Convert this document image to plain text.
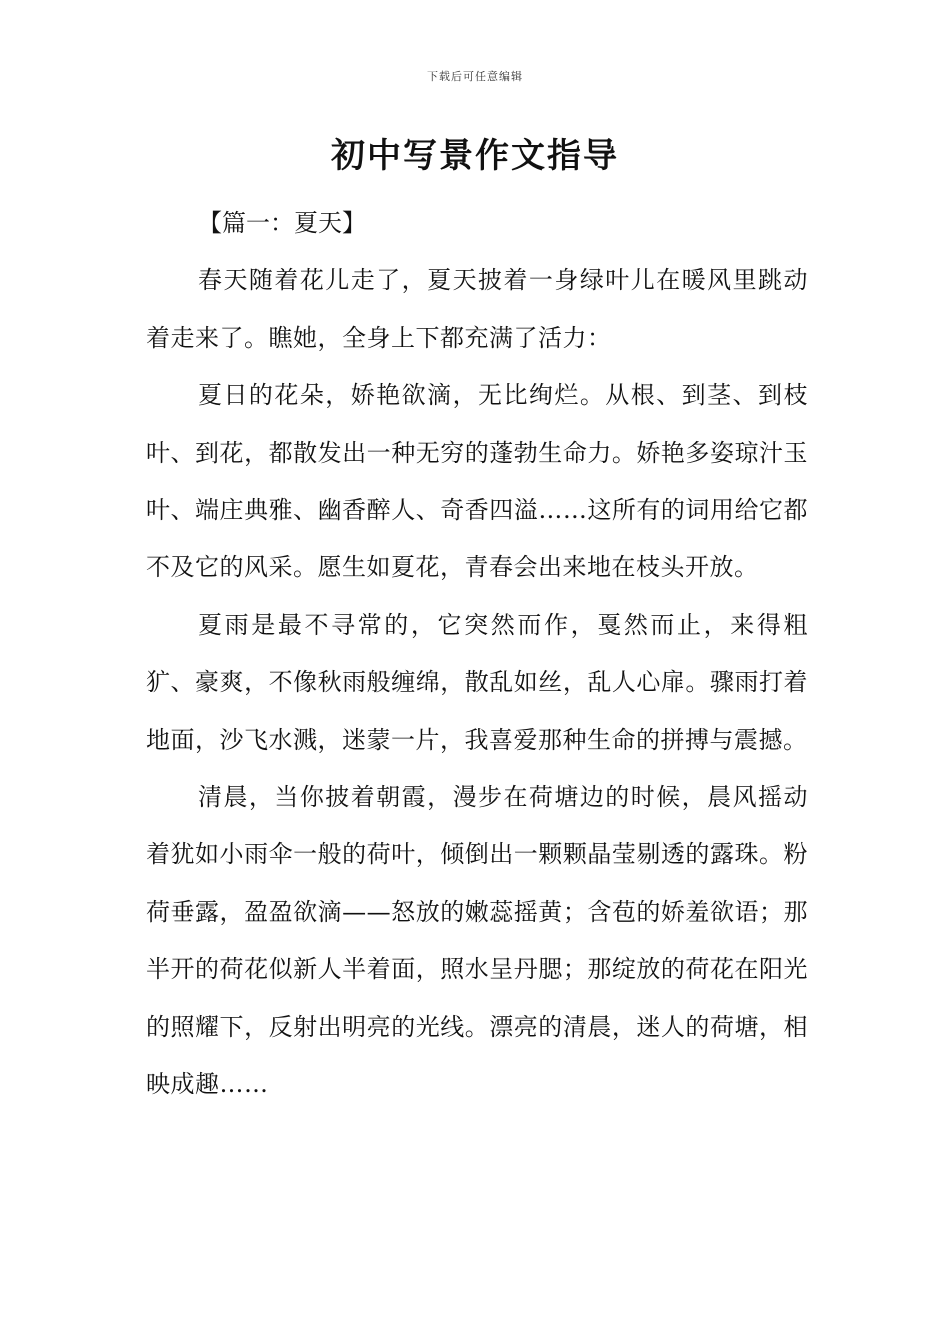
下载后可任意编辑
初中写景作文指导

【篇一：夏天】

春天随着花儿走了，夏天披着一身绿叶儿在暖风里跳动着走来了。瞧她，全身上下都充满了活力：

夏日的花朵，娇艳欲滴，无比绚烂。从根、到茎、到枝叶、到花，都散发出一种无穷的蓬勃生命力。娇艳多姿琼汁玉叶、端庄典雅、幽香醉人、奇香四溢……这所有的词用给它都不及它的风采。愿生如夏花，青春会出来地在枝头开放。

夏雨是最不寻常的，它突然而作，戛然而止，来得粗犷、豪爽，不像秋雨般缠绵，散乱如丝，乱人心扉。骤雨打着地面，沙飞水溅，迷蒙一片，我喜爱那种生命的拼搏与震撼。

清晨，当你披着朝霞，漫步在荷塘边的时候，晨风摇动着犹如小雨伞一般的荷叶，倾倒出一颗颗晶莹剔透的露珠。粉荷垂露，盈盈欲滴——怒放的嫩蕊摇黄；含苞的娇羞欲语；那半开的荷花似新人半着面，照水呈丹腮；那绽放的荷花在阳光的照耀下，反射出明亮的光线。漂亮的清晨，迷人的荷塘，相映成趣……
